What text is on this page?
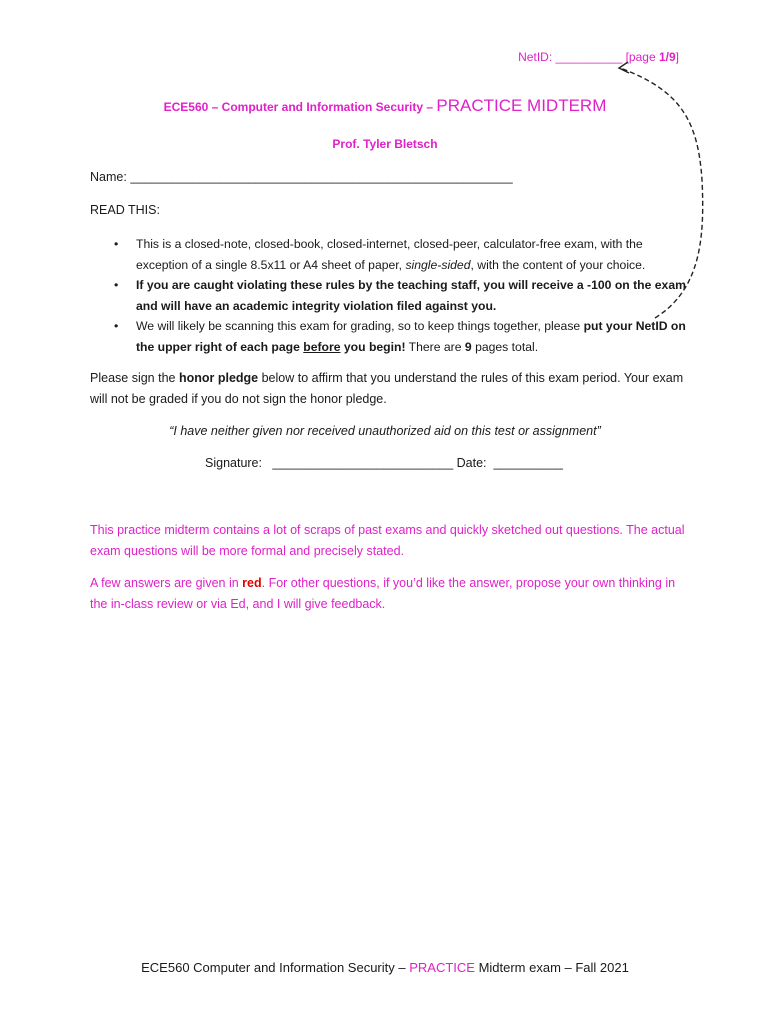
NetID: __________ [page 1/9]
ECE560 – Computer and Information Security – PRACTICE MIDTERM
Prof. Tyler Bletsch
Name: _______________________________________________________
READ THIS:
• This is a closed-note, closed-book, closed-internet, closed-peer, calculator-free exam, with the exception of a single 8.5x11 or A4 sheet of paper, single-sided, with the content of your choice.
• If you are caught violating these rules by the teaching staff, you will receive a -100 on the exam and will have an academic integrity violation filed against you.
• We will likely be scanning this exam for grading, so to keep things together, please put your NetID on the upper right of each page before you begin! There are 9 pages total.
Please sign the honor pledge below to affirm that you understand the rules of this exam period. Your exam will not be graded if you do not sign the honor pledge.
“I have neither given nor received unauthorized aid on this test or assignment”
Signature: __________________________ Date: __________
This practice midterm contains a lot of scraps of past exams and quickly sketched out questions. The actual exam questions will be more formal and precisely stated.
A few answers are given in red. For other questions, if you’d like the answer, propose your own thinking in the in-class review or via Ed, and I will give feedback.
ECE560 Computer and Information Security – PRACTICE Midterm exam – Fall 2021
